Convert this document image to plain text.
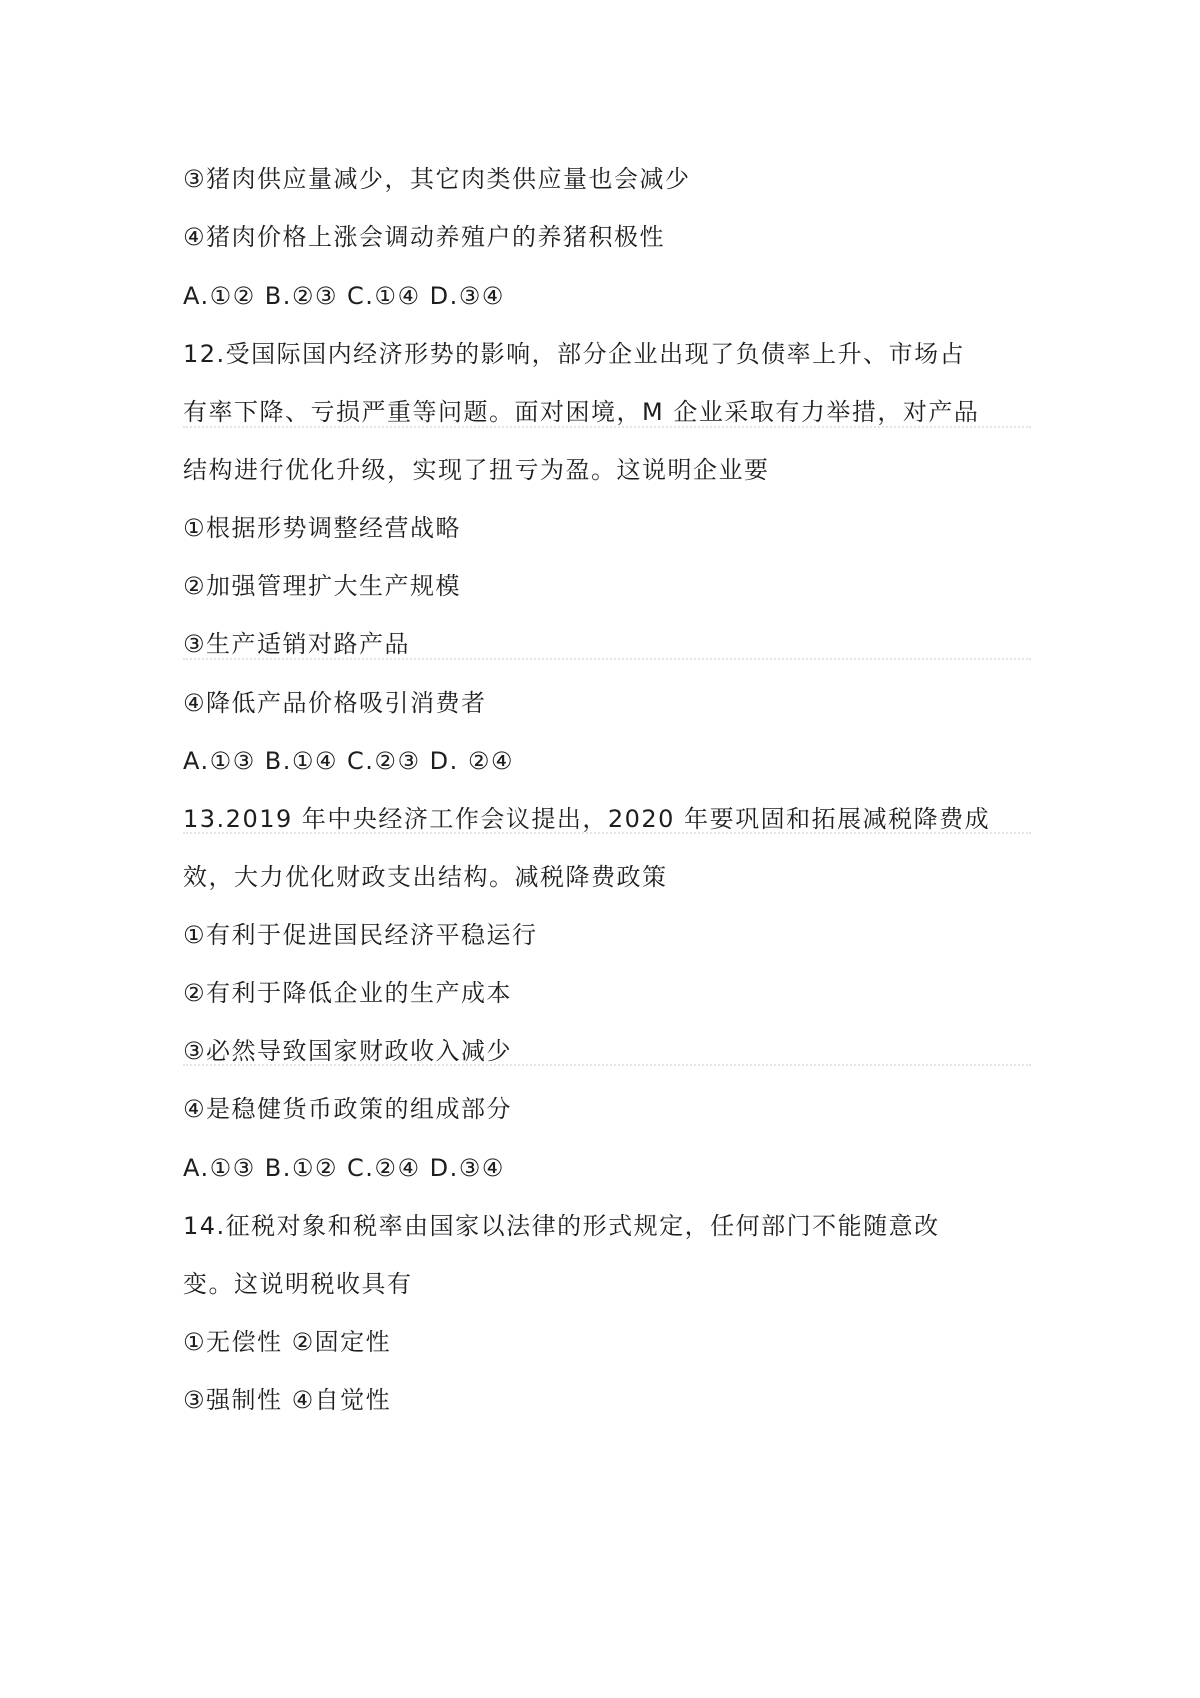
③猪肉供应量减少，其它肉类供应量也会减少
④猪肉价格上涨会调动养殖户的养猪积极性
A.①② B.②③ C.①④ D.③④
12.受国际国内经济形势的影响，部分企业出现了负债率上升、市场占
有率下降、亏损严重等问题。面对困境，M 企业采取有力举措，对产品
结构进行优化升级，实现了扭亏为盈。这说明企业要
①根据形势调整经营战略
②加强管理扩大生产规模
③生产适销对路产品
④降低产品价格吸引消费者
A.①③ B.①④ C.②③ D. ②④
13.2019 年中央经济工作会议提出，2020 年要巩固和拓展减税降费成
效，大力优化财政支出结构。减税降费政策
①有利于促进国民经济平稳运行
②有利于降低企业的生产成本
③必然导致国家财政收入减少
④是稳健货币政策的组成部分
A.①③ B.①② C.②④ D.③④
14.征税对象和税率由国家以法律的形式规定，任何部门不能随意改
变。这说明税收具有
①无偿性 ②固定性
③强制性 ④自觉性
